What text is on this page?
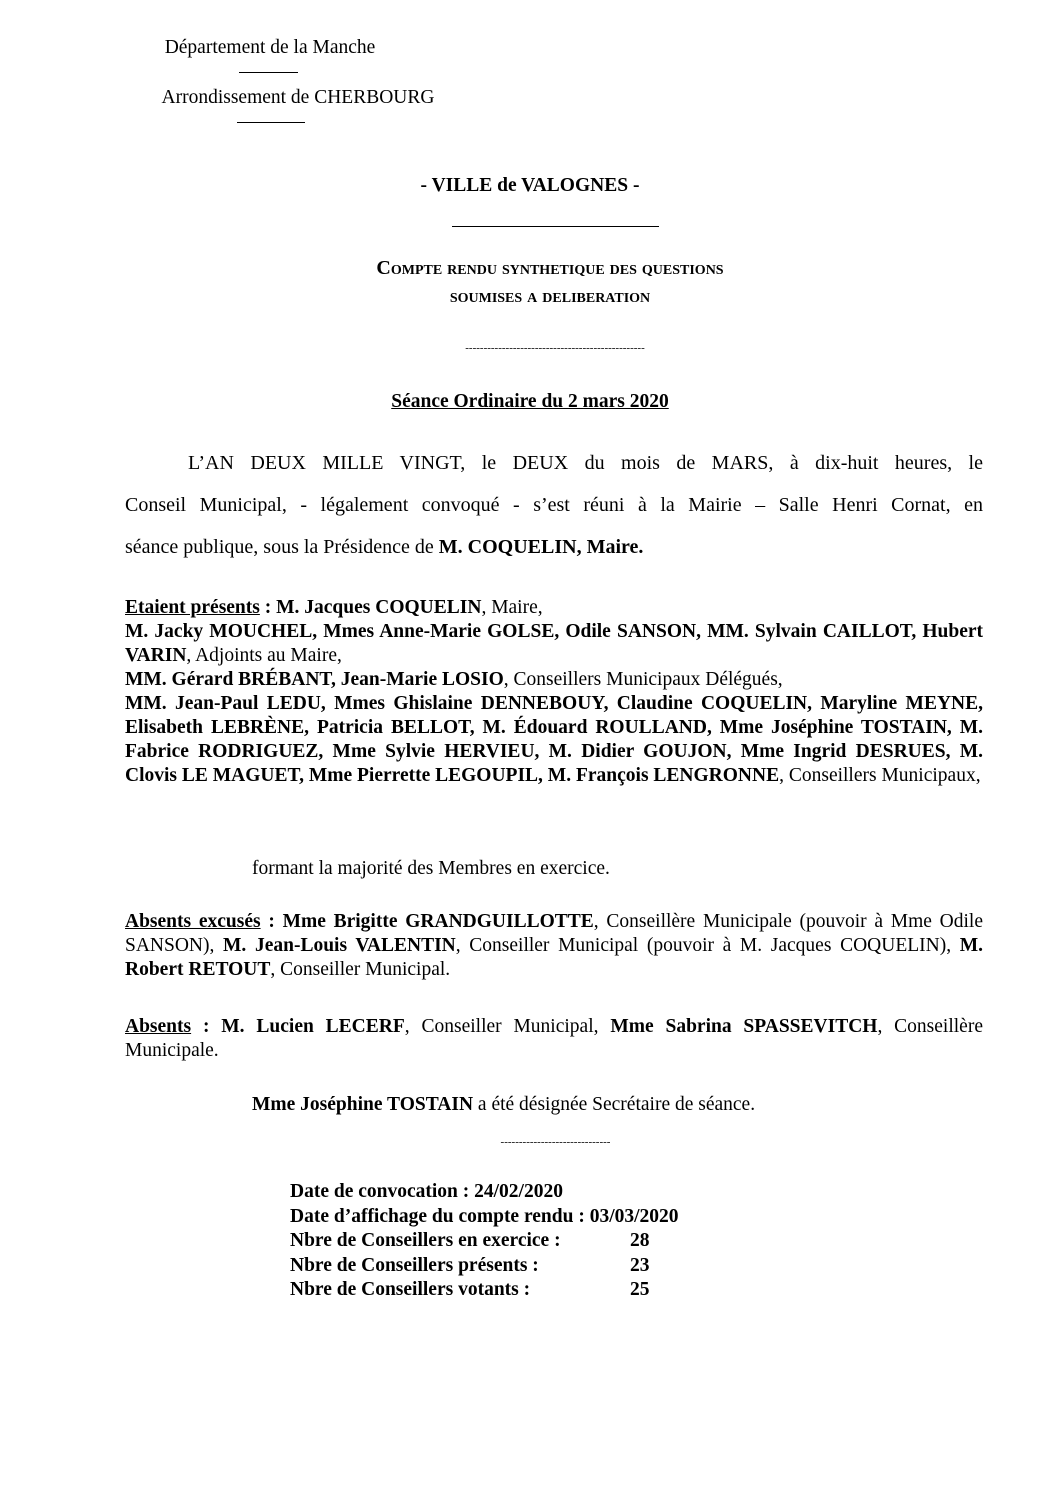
Département de la Manche
Arrondissement de CHERBOURG
- VILLE de VALOGNES -
Compte rendu synthetique des questions
soumises a deliberation
-------------------------------------------------
Séance Ordinaire du 2 mars 2020
L’AN DEUX MILLE VINGT, le DEUX du mois de MARS, à dix-huit heures, le
Conseil Municipal, - légalement convoqué - s’est réuni à la Mairie – Salle Henri Cornat, en
séance publique, sous la Présidence de M. COQUELIN, Maire.
Etaient présents : M. Jacques COQUELIN, Maire,
M. Jacky MOUCHEL, Mmes Anne-Marie GOLSE, Odile SANSON, MM. Sylvain CAILLOT, Hubert VARIN, Adjoints au Maire,
MM. Gérard BRÉBANT, Jean-Marie LOSIO, Conseillers Municipaux Délégués,
MM. Jean-Paul LEDU, Mmes Ghislaine DENNEBOUY, Claudine COQUELIN, Maryline MEYNE, Elisabeth LEBRÈNE, Patricia BELLOT, M. Édouard ROULLAND, Mme Joséphine TOSTAIN, M. Fabrice RODRIGUEZ, Mme Sylvie HERVIEU, M. Didier GOUJON, Mme Ingrid DESRUES, M. Clovis LE MAGUET, Mme Pierrette LEGOUPIL, M. François LENGRONNE, Conseillers Municipaux,
formant la majorité des Membres en exercice.
Absents excusés : Mme Brigitte GRANDGUILLOTTE, Conseillère Municipale (pouvoir à Mme Odile SANSON), M. Jean-Louis VALENTIN, Conseiller Municipal (pouvoir à M. Jacques COQUELIN), M. Robert RETOUT, Conseiller Municipal.
Absents : M. Lucien LECERF, Conseiller Municipal, Mme Sabrina SPASSEVITCH, Conseillère Municipale.
Mme Joséphine TOSTAIN a été désignée Secrétaire de séance.
------------------------------
Date de convocation : 24/02/2020	
Date d’affichage du compte rendu : 03/03/2020	
Nbre de Conseillers en exercice :	28
Nbre de Conseillers présents :	23
Nbre de Conseillers votants :	25
